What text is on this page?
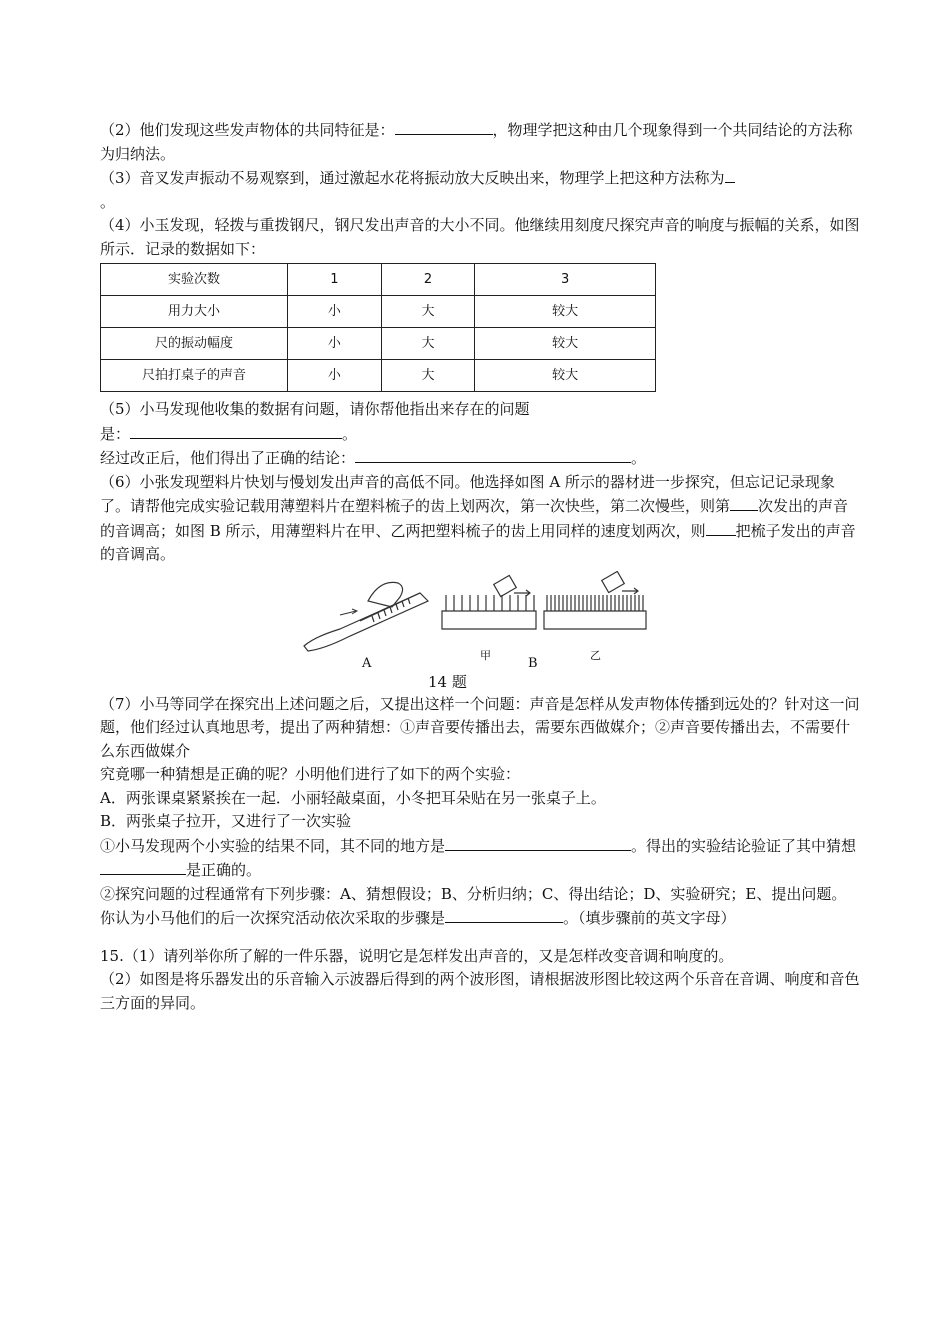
（2）他们发现这些发声物体的共同特征是：	，物理学把这种由几个现象得到一个共同结论的方法称为归纳法。

（3）音叉发声振动不易观察到，通过激起水花将振动放大反映出来，物理学上把这种方法称为
。

（4）小玉发现，轻拨与重拨钢尺，钢尺发出声音的大小不同。他继续用刻度尺探究声音的响度与振幅的关系，如图所示．记录的数据如下：

实验次数	1	2	3
用力大小	小	大	较大
尺的振动幅度	小	大	较大
尺拍打桌子的声音	小	大	较大

（5）小马发现他收集的数据有问题，请你帮他指出来存在的问题
是：	。
经过改正后，他们得出了正确的结论：	。

（6）小张发现塑料片快划与慢划发出声音的高低不同。他选择如图 A 所示的器材进一步探究，但忘记记录现象了。请帮他完成实验记载用薄塑料片在塑料梳子的齿上划两次，第一次快些，第二次慢些，则第 次发出的声音的音调高；如图 B 所示，用薄塑料片在甲、乙两把塑料梳子的齿上用同样的速度划两次，则 把梳子发出的声音的音调高。

A
甲
B
乙
14 题

（7）小马等同学在探究出上述问题之后，又提出这样一个问题：声音是怎样从发声物体传播到远处的？针对这一问题，他们经过认真地思考，提出了两种猜想：①声音要传播出去，需要东西做媒介；②声音要传播出去，不需要什么东西做媒介

究竟哪一种猜想是正确的呢？小明他们进行了如下的两个实验：

A．两张课桌紧紧挨在一起．小丽轻敲桌面，小冬把耳朵贴在另一张桌子上。

B．两张桌子拉开，又进行了一次实验

①小马发现两个小实验的结果不同，其不同的地方是	。得出的实验结论验证了其中猜想是正确的。

②探究问题的过程通常有下列步骤：A、猜想假设；B、分析归纳；C、得出结论；D、实验研究；E、提出问题。你认为小马他们的后一次探究活动依次采取的步骤是	。（填步骤前的英文字母）

15.（1）请列举你所了解的一件乐器，说明它是怎样发出声音的，又是怎样改变音调和响度的。

（2）如图是将乐器发出的乐音输入示波器后得到的两个波形图，请根据波形图比较这两个乐音在音调、响度和音色三方面的异同。
